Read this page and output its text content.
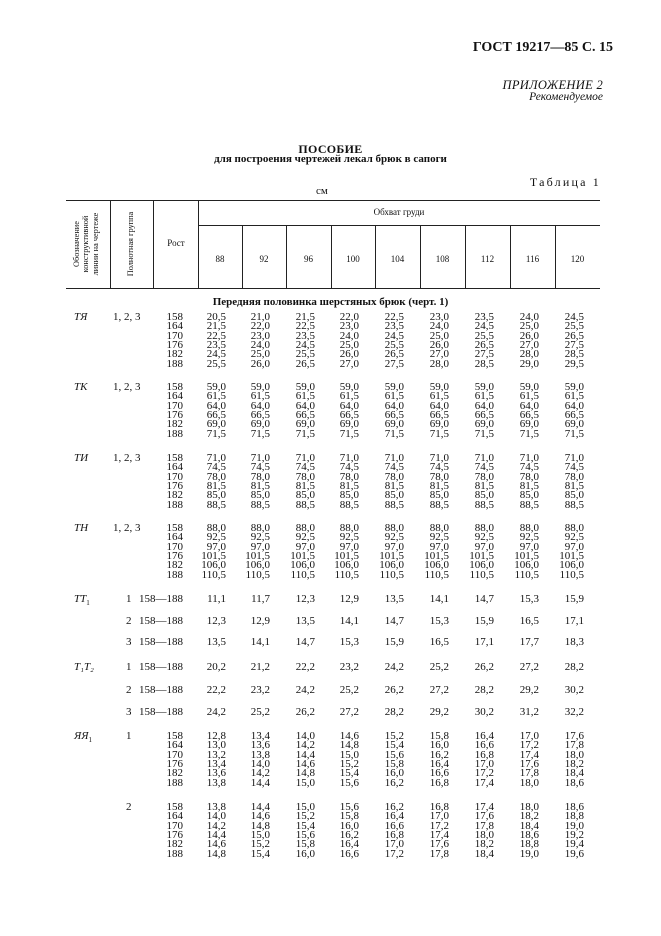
ГОСТ 19217—85 С. 15
ПРИЛОЖЕНИЕ 2
Рекомендуемое
ПОСОБИЕ
для построения чертежей лекал брюк в сапоги
Таблица 1
см
Обозначение конструктивной линии на чертеже	Полнотная группа	Рост
Обхват груди
88	92	96	100	104	108	112	116	120
Передняя половинка шерстяных брюк (черт. 1)
ТЯ 1, 2, 3 158 20,5 21,0 21,5 22,0 22,5 23,0 23,5 24,0 24,5
164 21,5 22,0 22,5 23,0 23,5 24,0 24,5 25,0 25,5
170 22,5 23,0 23,5 24,0 24,5 25,0 25,5 26,0 26,5
176 23,5 24,0 24,5 25,0 25,5 26,0 26,5 27,0 27,5
182 24,5 25,0 25,5 26,0 26,5 27,0 27,5 28,0 28,5
188 25,5 26,0 26,5 27,0 27,5 28,0 28,5 29,0 29,5
ТК 1, 2, 3 158 59,0 59,0 59,0 59,0 59,0 59,0 59,0 59,0 59,0
164 61,5 61,5 61,5 61,5 61,5 61,5 61,5 61,5 61,5
170 64,0 64,0 64,0 64,0 64,0 64,0 64,0 64,0 64,0
176 66,5 66,5 66,5 66,5 66,5 66,5 66,5 66,5 66,5
182 69,0 69,0 69,0 69,0 69,0 69,0 69,0 69,0 69,0
188 71,5 71,5 71,5 71,5 71,5 71,5 71,5 71,5 71,5
ТИ 1, 2, 3 158 71,0 71,0 71,0 71,0 71,0 71,0 71,0 71,0 71,0
164 74,5 74,5 74,5 74,5 74,5 74,5 74,5 74,5 74,5
170 78,0 78,0 78,0 78,0 78,0 78,0 78,0 78,0 78,0
176 81,5 81,5 81,5 81,5 81,5 81,5 81,5 81,5 81,5
182 85,0 85,0 85,0 85,0 85,0 85,0 85,0 85,0 85,0
188 88,5 88,5 88,5 88,5 88,5 88,5 88,5 88,5 88,5
ТН 1, 2, 3 158 88,0 88,0 88,0 88,0 88,0 88,0 88,0 88,0 88,0
164 92,5 92,5 92,5 92,5 92,5 92,5 92,5 92,5 92,5
170 97,0 97,0 97,0 97,0 97,0 97,0 97,0 97,0 97,0
176 101,5 101,5 101,5 101,5 101,5 101,5 101,5 101,5 101,5
182 106,0 106,0 106,0 106,0 106,0 106,0 106,0 106,0 106,0
188 110,5 110,5 110,5 110,5 110,5 110,5 110,5 110,5 110,5
$ТТ_1$	1 158—188 11,1 11,7 12,3 12,9 13,5 14,1 14,7 15,3 15,9
2 158—188 12,3 12,9 13,5 14,1 14,7 15,3 15,9 16,5 17,1
3 158—188 13,5 14,1 14,7 15,3 15,9 16,5 17,1 17,7 18,3
Т₁Т₂	1 158—188 20,2 21,2 22,2 23,2 24,2 25,2 26,2 27,2 28,2
2 158—188 22,2 23,2 24,2 25,2 26,2 27,2 28,2 29,2 30,2
3 158—188 24,2 25,2 26,2 27,2 28,2 29,2 30,2 31,2 32,2
$ЯЯ_1$	1	158 12,8 13,4 14,0 14,6 15,2 15,8 16,4 17,0 17,6
164 13,0 13,6 14,2 14,8 15,4 16,0 16,6 17,2 17,8
170 13,2 13,8 14,4 15,0 15,6 16,2 16,8 17,4 18,0
176 13,4 14,0 14,6 15,2 15,8 16,4 17,0 17,6 18,2
182 13,6 14,2 14,8 15,4 16,0 16,6 17,2 17,8 18,4
188 13,8 14,4 15,0 15,6 16,2 16,8 17,4 18,0 18,6
2	158 13,8 14,4 15,0 15,6 16,2 16,8 17,4 18,0 18,6
164 14,0 14,6 15,2 15,8 16,4 17,0 17,6 18,2 18,8
170 14,2 14,8 15,4 16,0 16,6 17,2 17,8 18,4 19,0
176 14,4 15,0 15,6 16,2 16,8 17,4 18,0 18,6 19,2
182 14,6 15,2 15,8 16,4 17,0 17,6 18,2 18,8 19,4
188 14,8 15,4 16,0 16,6 17,2 17,8 18,4 19,0 19,6
